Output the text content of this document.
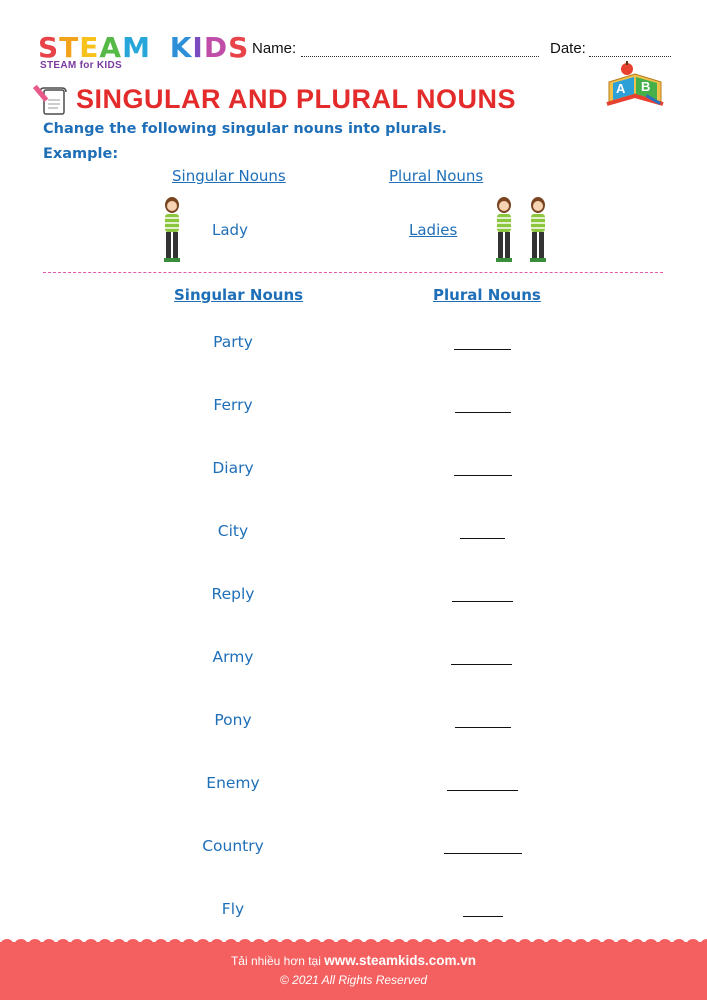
STEAM KIDS
STEAM for KIDS
Name:	Date:
A B
SINGULAR AND PLURAL NOUNS
Change the following singular nouns into plurals.
Example:
Singular Nouns	Plural Nouns
Lady	Ladies
Singular Nouns	Plural Nouns
Party
Ferry
Diary
City
Reply
Army
Pony
Enemy
Country
Fly
Tải nhiều hơn tại www.steamkids.com.vn
© 2021 All Rights Reserved
